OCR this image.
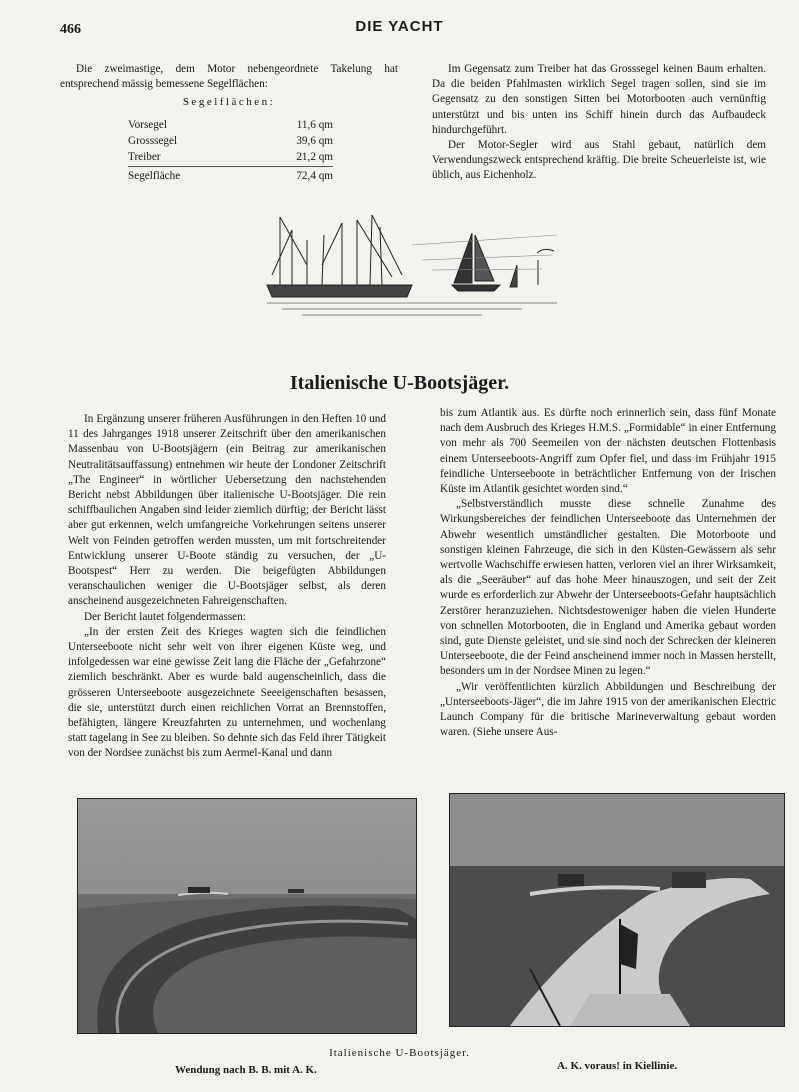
466	DIE YACHT

Die zweimastige, dem Motor nebengeordnete Takelung hat entsprechend mässig bemessene Segelflächen:

Segelflächen:
Vorsegel	11,6 qm
Grosssegel	39,6 qm
Treiber	21,2 qm
Segelfläche	72,4 qm

Im Gegensatz zum Treiber hat das Grosssegel keinen Baum erhalten. Da die beiden Pfahlmasten wirklich Segel tragen sollen, sind sie im Gegensatz zu den sonstigen Sitten bei Motorbooten auch vernünftig unterstützt und bis unten ins Schiff hinein durch das Aufbaudeck hindurchgeführt.

Der Motor-Segler wird aus Stahl gebaut, natürlich dem Verwendungszweck entsprechend kräftig. Die breite Scheuerleiste ist, wie üblich, aus Eichenholz.

Italienische U-Bootsjäger.

In Ergänzung unserer früheren Ausführungen in den Heften 10 und 11 des Jahrganges 1918 unserer Zeitschrift über den amerikanischen Massenbau von U-Bootsjägern (ein Beitrag zur amerikanischen Neutralitätsauffassung) entnehmen wir heute der Londoner Zeitschrift „The Engineer“ in wörtlicher Uebersetzung den nachstehenden Bericht nebst Abbildungen über italienische U-Bootsjäger. Die rein schiffbaulichen Angaben sind leider ziemlich dürftig; der Bericht lässt aber gut erkennen, welch umfangreiche Vorkehrungen seitens unserer Welt von Feinden getroffen werden mussten, um mit fortschreitender Entwicklung unserer U-Boote ständig zu versuchen, der „U-Bootspest“ Herr zu werden. Die beigefügten Abbildungen veranschaulichen weniger die U-Bootsjäger selbst, als deren anscheinend ausgezeichneten Fahreigenschaften.

Der Bericht lautet folgendermassen:

„In der ersten Zeit des Krieges wagten sich die feindlichen Unterseeboote nicht sehr weit von ihrer eigenen Küste weg, und infolgedessen war eine gewisse Zeit lang die Fläche der „Gefahrzone“ ziemlich beschränkt. Aber es wurde bald augenscheinlich, dass die grösseren Unterseeboote ausgezeichnete Seeeigenschaften besassen, die sie, unterstützt durch einen reichlichen Vorrat an Brennstoffen, befähigten, längere Kreuzfahrten zu unternehmen, und wochenlang statt tagelang in See zu bleiben. So dehnte sich das Feld ihrer Tätigkeit von der Nordsee zunächst bis zum Aermel-Kanal und dann

bis zum Atlantik aus. Es dürfte noch erinnerlich sein, dass fünf Monate nach dem Ausbruch des Krieges H.M.S. „Formidable“ in einer Entfernung von mehr als 700 Seemeilen von der nächsten deutschen Flottenbasis einem Unterseeboots-Angriff zum Opfer fiel, und dass im Frühjahr 1915 feindliche Unterseeboote in beträchtlicher Entfernung von der Irischen Küste im Atlantik gesichtet worden sind.“

„Selbstverständlich musste diese schnelle Zunahme des Wirkungsbereiches der feindlichen Unterseeboote das Unternehmen der Abwehr wesentlich umständlicher gestalten. Die Motorboote und sonstigen kleinen Fahrzeuge, die sich in den Küsten-Gewässern als sehr wertvolle Wachschiffe erwiesen hatten, verloren viel an ihrer Wirksamkeit, als die „Seeräuber“ auf das hohe Meer hinauszogen, und seit der Zeit wurde es erforderlich zur Abwehr der Unterseeboots-Gefahr hauptsächlich Zerstörer heranzuziehen. Nichtsdestoweniger haben die vielen Hunderte von schnellen Motorbooten, die in England und Amerika gebaut worden sind, gute Dienste geleistet, und sie sind noch der Schrecken der kleineren Unterseeboote, die der Feind anscheinend immer noch in Massen herstellt, besonders um in der Nordsee Minen zu legen.“

„Wir veröffentlichten kürzlich Abbildungen und Beschreibung der „Unterseeboots-Jäger“, die im Jahre 1915 von der amerikanischen Electric Launch Company für die britische Marineverwaltung gebaut worden waren. (Siehe unsere Aus-

Italienische U-Bootsjäger.
Wendung nach B. B. mit A. K.	A. K. voraus! in Kiellinie.
